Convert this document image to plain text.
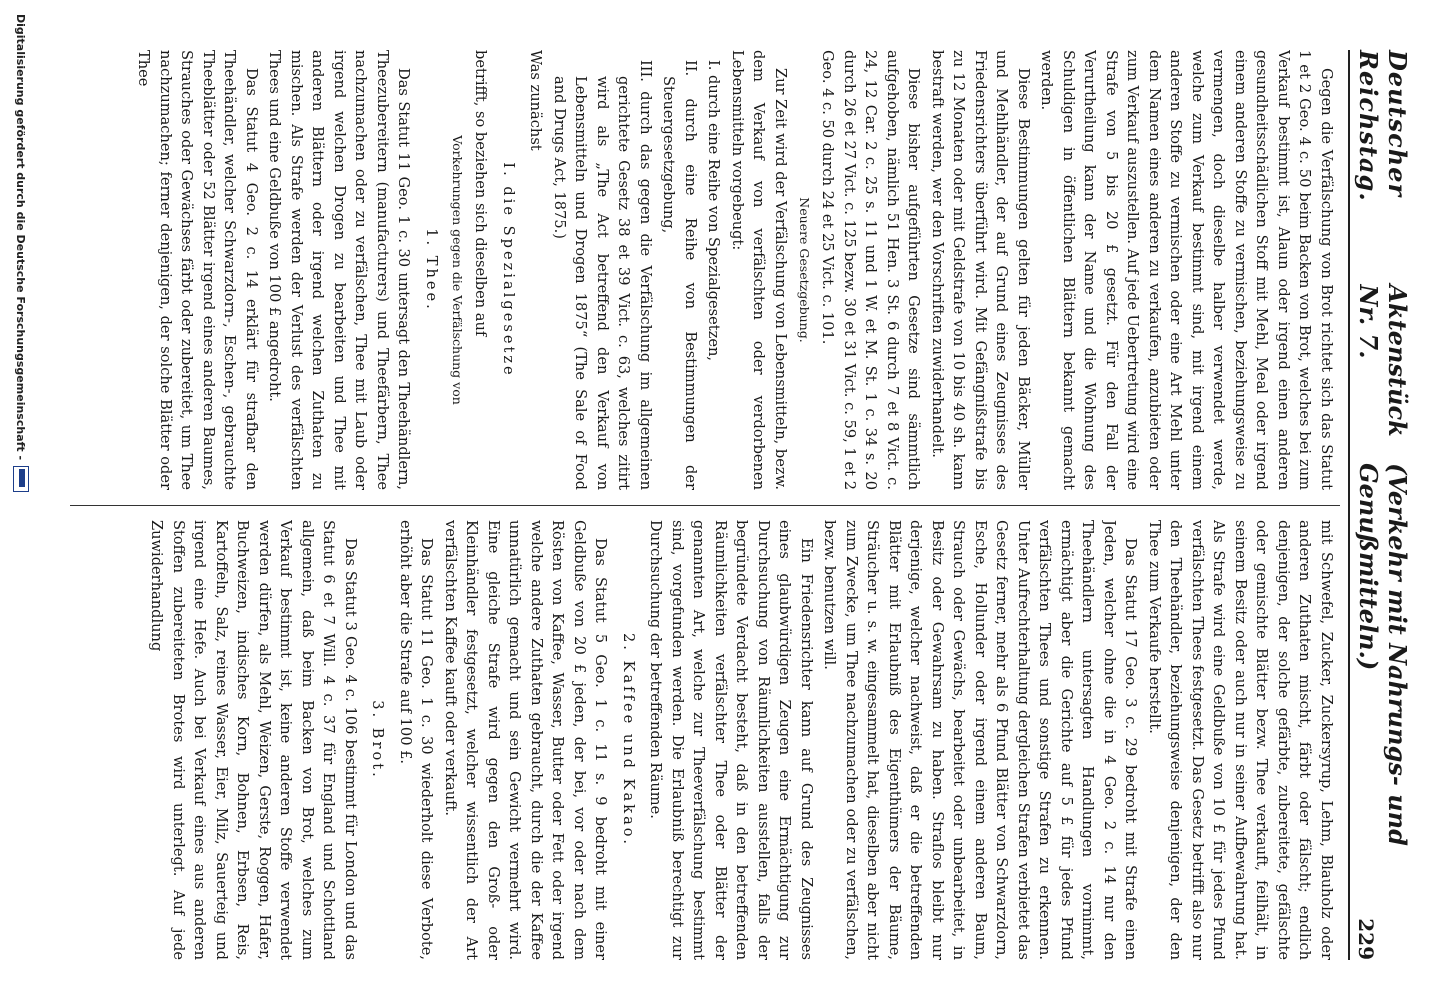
Deutscher Reichstag.
Aktenstück Nr. 7.
(Verkehr mit Nahrungs- und Genußmitteln.)
229

Gegen die Verfälschung von Brot richtet sich das Statut 1 et 2 Geo. 4 c. 50 beim Backen von Brot, welches bei zum Verkauf bestimmt ist, Alaun oder irgend einen anderen gesundheitsschädlichen Stoff mit Mehl, Meal oder irgend einem anderen Stoffe zu vermischen, beziehungsweise zu vermengen, doch dieselbe halber verwendet werde, welche zum Verkauf bestimmt sind, mit irgend einem anderen Stoffe zu vermischen oder eine Art Mehl unter dem Namen eines anderen zu verkaufen, anzubieten oder zum Verkauf auszustellen. Auf jede Uebertretung wird eine Strafe von 5 bis 20 £ gesetzt. Für den Fall der Verurtheilung kann der Name und die Wohnung des Schuldigen in öffentlichen Blättern bekannt gemacht werden.

Diese Bestimmungen gelten für jeden Bäcker, Müller und Mehlhändler, der auf Grund eines Zeugnisses des Friedensrichters überführt wird. Mit Gefängnißstrafe bis zu 12 Monaten oder mit Geldstrafe von 10 bis 40 sh. kann bestraft werden, wer den Vorschriften zuwiderhandelt.

Diese bisher aufgeführten Gesetze sind sämmtlich aufgehoben, nämlich 51 Hen. 3 St. 6 durch 7 et 8 Vict. c. 24, 12 Car. 2 c. 25 s. 11 und 1 W. et M. St. 1 c. 34 s. 20 durch 26 et 27 Vict. c. 125 bezw. 30 et 31 Vict. c. 59, 1 et 2 Geo. 4 c. 50 durch 24 et 25 Vict. c. 101.

Neuere Gesetzgebung.

Zur Zeit wird der Verfälschung von Lebensmitteln, bezw. dem Verkauf von verfälschten oder verdorbenen Lebensmitteln vorgebeugt:

I. durch eine Reihe von Spezialgesetzen,

II. durch eine Reihe von Bestimmungen der Steuergesetzgebung,

III. durch das gegen die Verfälschung im allgemeinen gerichtete Gesetz 38 et 39 Vict. c. 63, welches zitirt wird als „The Act betreffend den Verkauf von Lebensmitteln und Drogen 1875“ (The Sale of Food and Drugs Act, 1875.)

Was zunächst

I. die Spezialgesetze

betrifft, so beziehen sich dieselben auf

Vorkehrungen gegen die Verfälschung von

1. Thee.

Das Statut 11 Geo. 1 c. 30 untersagt den Theehändlern, Theezubereitern (manufacturers) und Theefärbern, Thee nachzumachen oder zu verfälschen, Thee mit Laub oder irgend welchen Drogen zu bearbeiten und Thee mit anderen Blättern oder irgend welchen Zuthaten zu mischen. Als Strafe werden der Verlust des verfälschten Thees und eine Geldbuße von 100 £ angedroht.

Das Statut 4 Geo. 2 c. 14 erklärt für strafbar den Theehändler, welcher Schwarzdorn-, Eschen-, gebrauchte Theeblätter oder 52 Blätter irgend eines anderen Baumes, Strauches oder Gewächses färbt oder zubereitet, um Thee nachzumachen; ferner denjenigen, der solche Blätter oder Thee

mit Schwefel, Zucker, Zuckersyrup, Lehm, Blauholz oder anderen Zuthaten mischt, färbt oder fälscht; endlich denjenigen, der solche gefärbte, zubereitete, gefälschte oder gemischte Blätter bezw. Thee verkauft, feilhält, in seinem Besitz oder auch nur in seiner Aufbewahrung hat. Als Strafe wird eine Geldbuße von 10 £ für jedes Pfund verfälschten Thees festgesetzt. Das Gesetz betrifft also nur den Theehändler, beziehungsweise denjenigen, der den Thee zum Verkaufe herstellt.

Das Statut 17 Geo. 3 c. 29 bedroht mit Strafe einen Jeden, welcher ohne die in 4 Geo. 2 c. 14 nur den Theehändlern untersagten Handlungen vornimmt, ermächtigt aber die Gerichte auf 5 £ für jedes Pfund verfälschten Thees und sonstige Strafen zu erkennen. Unter Aufrechterhaltung dergleichen Strafen verbietet das Gesetz ferner, mehr als 6 Pfund Blätter von Schwarzdorn, Esche, Hollunder oder irgend einem anderen Baum, Strauch oder Gewächs, bearbeitet oder unbearbeitet, in Besitz oder Gewahrsam zu haben. Straflos bleibt nur derjenige, welcher nachweist, daß er die betreffenden Blätter mit Erlaubniß des Eigenthümers der Bäume, Sträucher u. s. w. eingesammelt hat, dieselben aber nicht zum Zwecke, um Thee nachzumachen oder zu verfälschen, bezw. benutzen will.

Ein Friedensrichter kann auf Grund des Zeugnisses eines glaubwürdigen Zeugen eine Ermächtigung zur Durchsuchung von Räumlichkeiten ausstellen, falls der begründete Verdacht besteht, daß in den betreffenden Räumlichkeiten verfälschter Thee oder Blätter der genannten Art, welche zur Theeverfälschung bestimmt sind, vorgefunden werden. Die Erlaubniß berechtigt zur Durchsuchung der betreffenden Räume.

2. Kaffee und Kakao.

Das Statut 5 Geo. 1 c. 11 s. 9 bedroht mit einer Geldbuße von 20 £ jeden, der bei, vor oder nach dem Rösten von Kaffee, Wasser, Butter oder Fett oder irgend welche andere Zuthaten gebraucht, durch die der Kaffee unnatürlich gemacht und sein Gewicht vermehrt wird. Eine gleiche Strafe wird gegen den Groß- oder Kleinhändler festgesetzt, welcher wissentlich der Art verfälschten Kaffee kauft oder verkauft.

Das Statut 11 Geo. 1 c. 30 wiederholt diese Verbote, erhöht aber die Strafe auf 100 £.

3. Brot.

Das Statut 3 Geo. 4 c. 106 bestimmt für London und das Statut 6 et 7 Will. 4 c. 37 für England und Schottland allgemein, daß beim Backen von Brot, welches zum Verkauf bestimmt ist, keine anderen Stoffe verwendet werden dürfen, als Mehl, Weizen, Gerste, Roggen, Hafer, Buchweizen, indisches Korn, Bohnen, Erbsen, Reis, Kartoffeln, Salz, reines Wasser, Eier, Milz, Sauerteig und irgend eine Hefe. Auch bei Verkauf eines aus anderen Stoffen zubereiteten Brotes wird unterlegt. Auf jede Zuwiderhandlung

Digitalisierung gefördert durch die Deutsche Forschungsgemeinschaft -
